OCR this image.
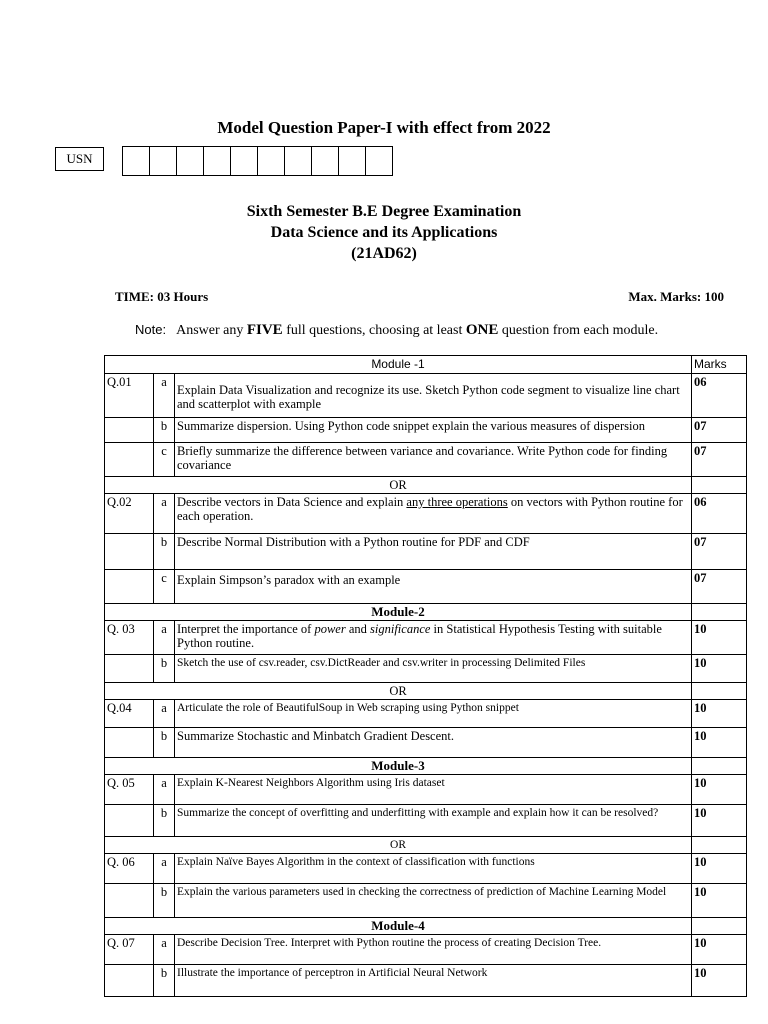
Model Question Paper-I with effect from 2022
USN
Sixth Semester B.E Degree Examination
Data Science and its Applications
(21AD62)
TIME: 03 Hours	Max. Marks: 100
Note: Answer any FIVE full questions, choosing at least ONE question from each module.
Module -1			Marks
Q.01	a	Explain Data Visualization and recognize its use. Sketch Python code segment to visualize line chart and scatterplot with example	06
	b	Summarize dispersion. Using Python code snippet explain the various measures of dispersion	07
	c	Briefly summarize the difference between variance and covariance. Write Python code for finding covariance	07
OR			
Q.02	a	Describe vectors in Data Science and explain any three operations on vectors with Python routine for each operation.	06
	b	Describe Normal Distribution with a Python routine for PDF and CDF	07
	c	Explain Simpson’s paradox with an example	07
Module-2			
Q. 03	a	Interpret the importance of power and significance in Statistical Hypothesis Testing with suitable Python routine.	10
	b	Sketch the use of csv.reader, csv.DictReader and csv.writer in processing Delimited Files	10
OR			
Q.04	a	Articulate the role of BeautifulSoup in Web scraping using Python snippet	10
	b	Summarize Stochastic and Minbatch Gradient Descent.	10
Module-3			
Q. 05	a	Explain K-Nearest Neighbors Algorithm using Iris dataset	10
	b	Summarize the concept of overfitting and underfitting with example and explain how it can be resolved?	10
OR			
Q. 06	a	Explain Naïve Bayes Algorithm in the context of classification with functions	10
	b	Explain the various parameters used in checking the correctness of prediction of Machine Learning Model	10
Module-4			
Q. 07	a	Describe Decision Tree. Interpret with Python routine the process of creating Decision Tree.	10
	b	Illustrate the importance of perceptron in Artificial Neural Network	10
